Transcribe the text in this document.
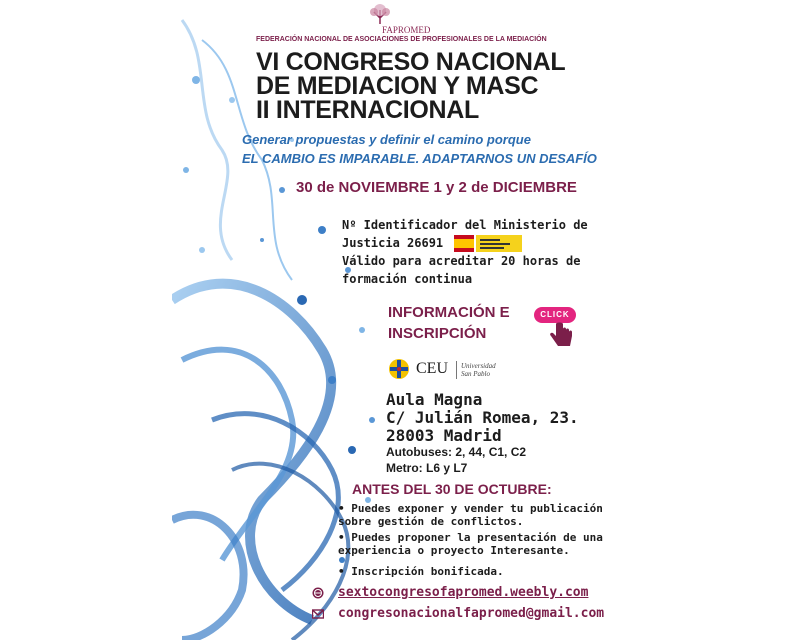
FAPROMED
FEDERACIÓN NACIONAL DE ASOCIACIONES DE PROFESIONALES DE LA MEDIACIÓN
VI CONGRESO NACIONAL
DE MEDIACION Y MASC
II INTERNACIONAL
Generar propuestas y definir el camino porque
EL CAMBIO ES IMPARABLE. ADAPTARNOS UN DESAFÍO
30 de NOVIEMBRE 1 y 2 de DICIEMBRE
Nº Identificador del Ministerio de
Justicia 26691
Válido para acreditar 20 horas de
formación continua
INFORMACIÓN E
INSCRIPCIÓN
CLICK
CEU Universidad
San Pablo
Aula Magna
C/ Julián Romea, 23.
28003 Madrid
Autobuses: 2, 44, C1, C2
Metro: L6 y L7
ANTES DEL 30 DE OCTUBRE:
• Puedes exponer y vender tu publicación
sobre gestión de conflictos.
• Puedes proponer la presentación de una
experiencia o proyecto Interesante.
• Inscripción bonificada.
sextocongresofapromed.weebly.com
congresonacionalfapromed@gmail.com
